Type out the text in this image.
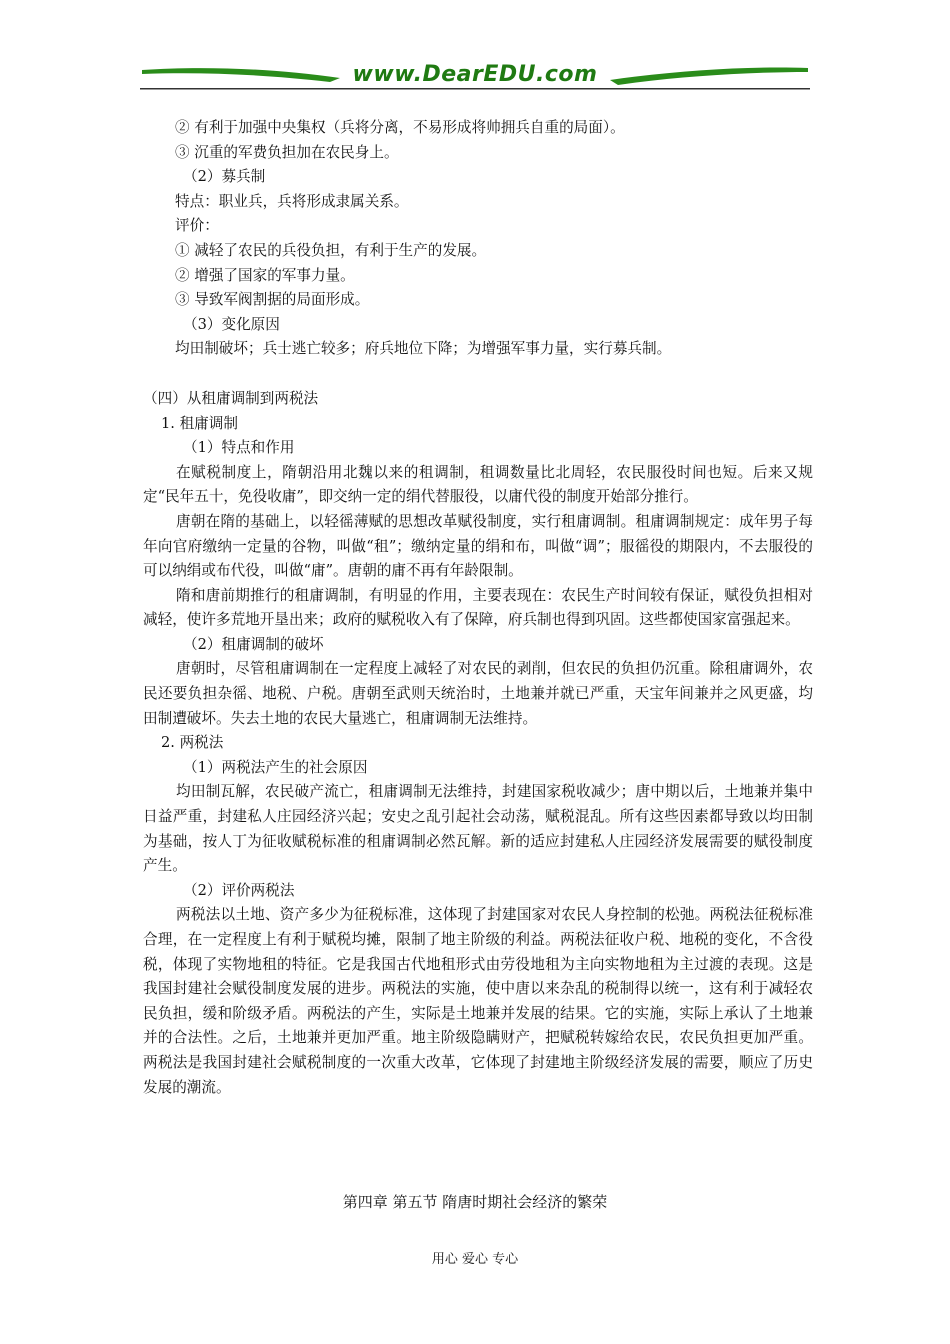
www.DearEDU.com

② 有利于加强中央集权（兵将分离，不易形成将帅拥兵自重的局面）。

③ 沉重的军费负担加在农民身上。

（2）募兵制

特点：职业兵，兵将形成隶属关系。

评价：

① 减轻了农民的兵役负担，有利于生产的发展。

② 增强了国家的军事力量。

③ 导致军阀割据的局面形成。

（3）变化原因

均田制破坏；兵士逃亡较多；府兵地位下降；为增强军事力量，实行募兵制。

（四）从租庸调制到两税法

1. 租庸调制

（1）特点和作用

在赋税制度上，隋朝沿用北魏以来的租调制，租调数量比北周轻，农民服役时间也短。后来又规定“民年五十，免役收庸”，即交纳一定的绢代替服役，以庸代役的制度开始部分推行。

唐朝在隋的基础上，以轻徭薄赋的思想改革赋役制度，实行租庸调制。租庸调制规定：成年男子每年向官府缴纳一定量的谷物，叫做“租”；缴纳定量的绢和布，叫做“调”；服徭役的期限内，不去服役的可以纳绢或布代役，叫做“庸”。唐朝的庸不再有年龄限制。

隋和唐前期推行的租庸调制，有明显的作用，主要表现在：农民生产时间较有保证，赋役负担相对减轻，使许多荒地开垦出来；政府的赋税收入有了保障，府兵制也得到巩固。这些都使国家富强起来。

（2）租庸调制的破坏

唐朝时，尽管租庸调制在一定程度上减轻了对农民的剥削，但农民的负担仍沉重。除租庸调外，农民还要负担杂徭、地税、户税。唐朝至武则天统治时，土地兼并就已严重，天宝年间兼并之风更盛，均田制遭破坏。失去土地的农民大量逃亡，租庸调制无法维持。

2. 两税法

（1）两税法产生的社会原因

均田制瓦解，农民破产流亡，租庸调制无法维持，封建国家税收减少；唐中期以后，土地兼并集中日益严重，封建私人庄园经济兴起；安史之乱引起社会动荡，赋税混乱。所有这些因素都导致以均田制为基础，按人丁为征收赋税标准的租庸调制必然瓦解。新的适应封建私人庄园经济发展需要的赋役制度产生。

（2）评价两税法

两税法以土地、资产多少为征税标准，这体现了封建国家对农民人身控制的松弛。两税法征税标准合理，在一定程度上有利于赋税均摊，限制了地主阶级的利益。两税法征收户税、地税的变化，不含役税，体现了实物地租的特征。它是我国古代地租形式由劳役地租为主向实物地租为主过渡的表现。这是我国封建社会赋役制度发展的进步。两税法的实施，使中唐以来杂乱的税制得以统一，这有利于减轻农民负担，缓和阶级矛盾。两税法的产生，实际是土地兼并发展的结果。它的实施，实际上承认了土地兼并的合法性。之后，土地兼并更加严重。地主阶级隐瞒财产，把赋税转嫁给农民，农民负担更加严重。两税法是我国封建社会赋税制度的一次重大改革，它体现了封建地主阶级经济发展的需要，顺应了历史发展的潮流。

第四章 第五节 隋唐时期社会经济的繁荣
用心 爱心 专心
